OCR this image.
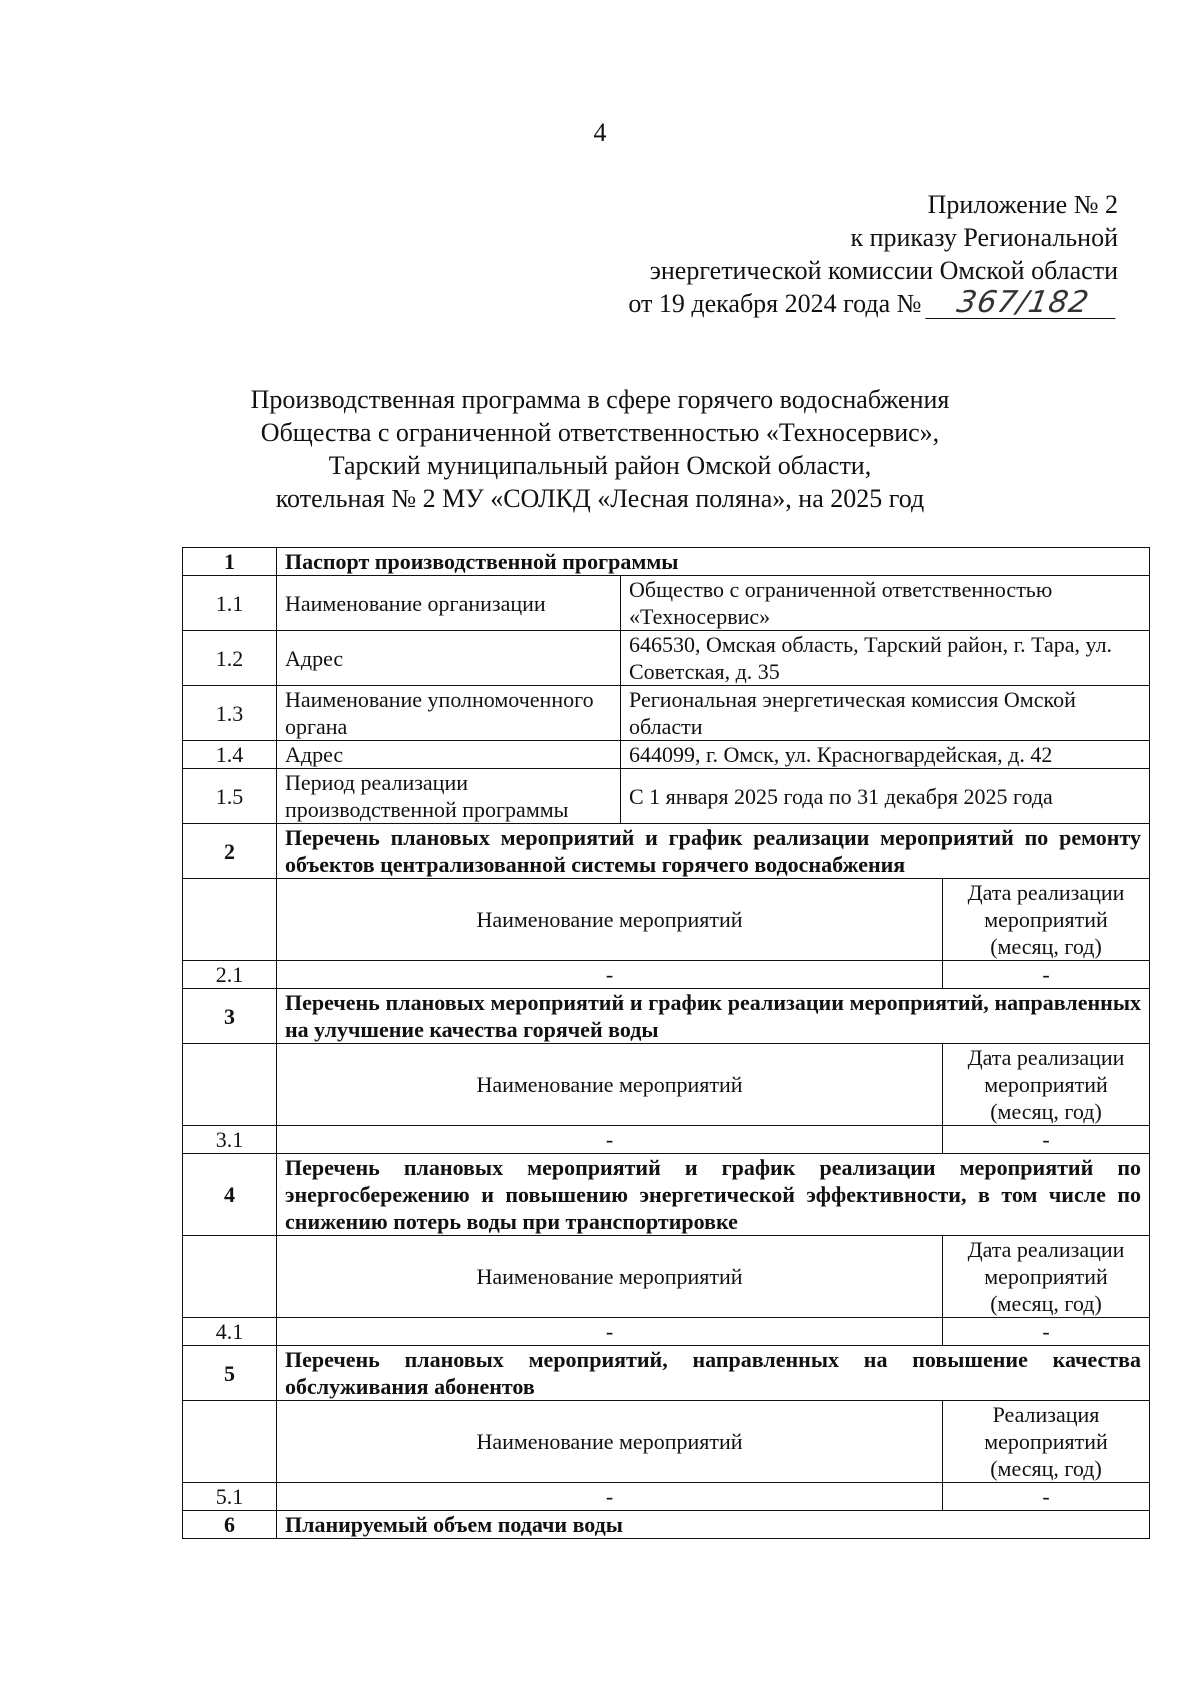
4
Приложение № 2
к приказу Региональной
энергетической комиссии Омской области
от 19 декабря 2024 года № 367/182
Производственная программа в сфере горячего водоснабжения
Общества с ограниченной ответственностью «Техносервис»,
Тарский муниципальный район Омской области,
котельная № 2 МУ «СОЛКД «Лесная поляна», на 2025 год
1	Паспорт производственной программы		
1.1	Наименование организации	Общество с ограниченной ответственностью «Техносервис»	
1.2	Адрес	646530, Омская область, Тарский район, г. Тара, ул. Советская, д. 35	
1.3	Наименование уполномоченного органа	Региональная энергетическая комиссия Омской области	
1.4	Адрес	644099, г. Омск, ул. Красногвардейская, д. 42	
1.5	Период реализации производственной программы	С 1 января 2025 года по 31 декабря 2025 года	
2	Перечень плановых мероприятий и график реализации мероприятий по ремонту объектов централизованной системы горячего водоснабжения		
	Наименование мероприятий		Дата реализации мероприятий (месяц, год)
2.1	-		-
3	Перечень плановых мероприятий и график реализации мероприятий, направленных на улучшение качества горячей воды		
	Наименование мероприятий		Дата реализации мероприятий (месяц, год)
3.1	-		-
4	Перечень плановых мероприятий и график реализации мероприятий по энергосбережению и повышению энергетической эффективности, в том числе по снижению потерь воды при транспортировке		
	Наименование мероприятий		Дата реализации мероприятий (месяц, год)
4.1	-		-
5	Перечень плановых мероприятий, направленных на повышение качества обслуживания абонентов		
	Наименование мероприятий		Реализация мероприятий (месяц, год)
5.1	-		-
6	Планируемый объем подачи воды		
